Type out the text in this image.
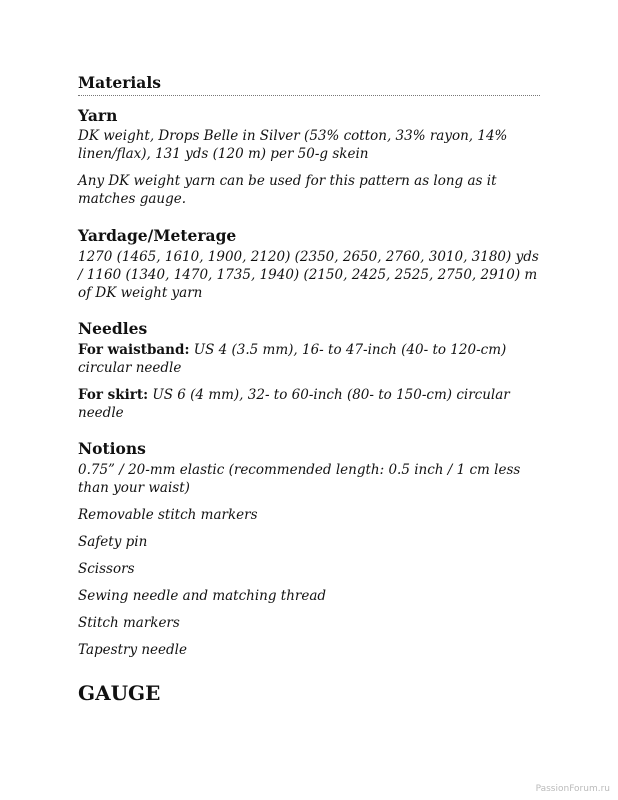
Materials
Yarn

DK weight, Drops Belle in Silver (53% cotton, 33% rayon, 14% linen/flax), 131 yds (120 m) per 50-g skein

Any DK weight yarn can be used for this pattern as long as it matches gauge.

Yardage/Meterage

1270 (1465, 1610, 1900, 2120) (2350, 2650, 2760, 3010, 3180) yds / 1160 (1340, 1470, 1735, 1940) (2150, 2425, 2525, 2750, 2910) m of DK weight yarn

Needles

For waistband: US 4 (3.5 mm), 16- to 47-inch (40- to 120-cm) circular needle

For skirt: US 6 (4 mm), 32- to 60-inch (80- to 150-cm) circular needle

Notions

0.75” / 20-mm elastic (recommended length: 0.5 inch / 1 cm less than your waist)

Removable stitch markers

Safety pin

Scissors

Sewing needle and matching thread

Stitch markers

Tapestry needle

GAUGE
PassionForum.ru
